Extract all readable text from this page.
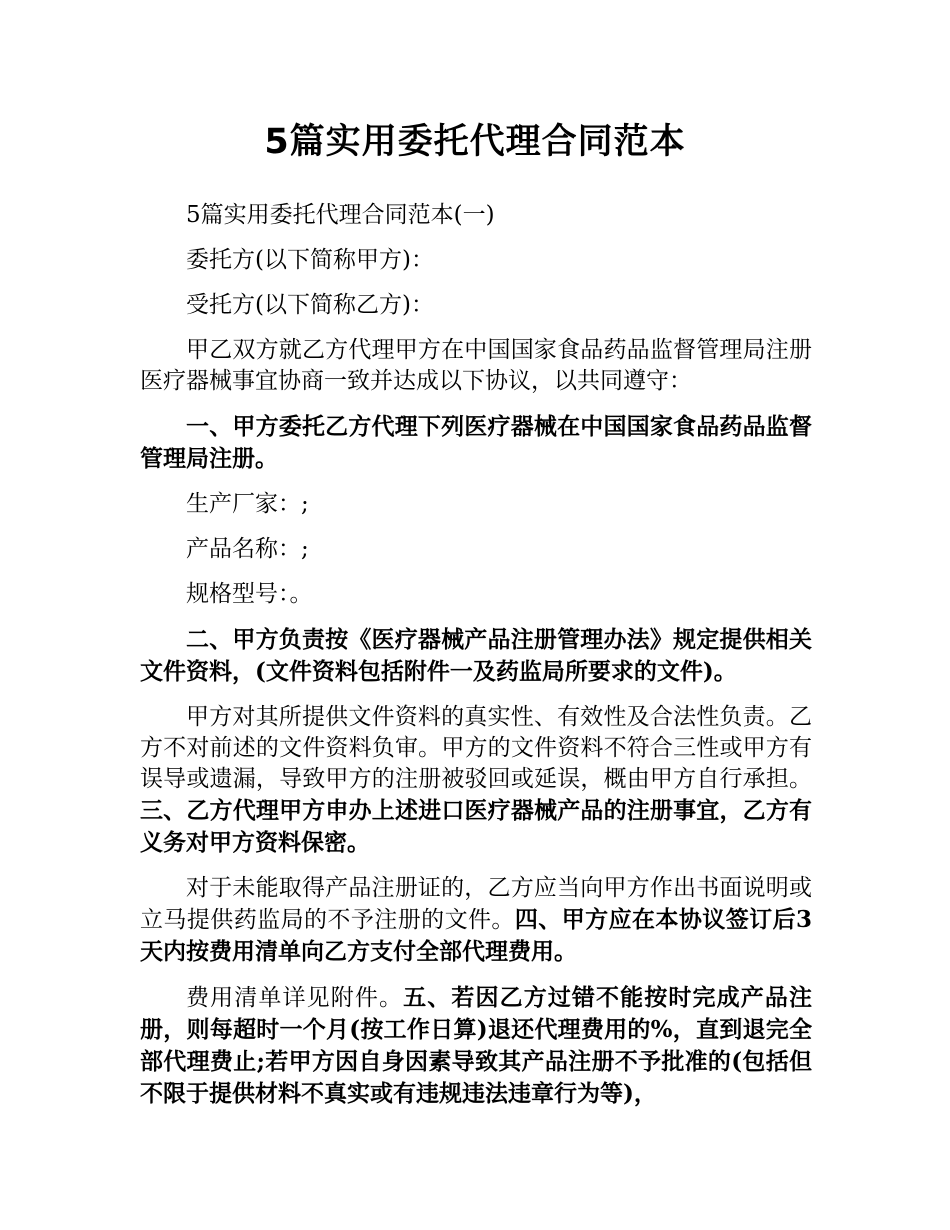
5篇实用委托代理合同范本

5篇实用委托代理合同范本(一)

委托方(以下简称甲方)：

受托方(以下简称乙方)：

甲乙双方就乙方代理甲方在中国国家食品药品监督管理局注册医疗器械事宜协商一致并达成以下协议，以共同遵守：

一、甲方委托乙方代理下列医疗器械在中国国家食品药品监督管理局注册。

生产厂家：;

产品名称：;

规格型号：。

二、甲方负责按《医疗器械产品注册管理办法》规定提供相关文件资料，(文件资料包括附件一及药监局所要求的文件)。

甲方对其所提供文件资料的真实性、有效性及合法性负责。乙方不对前述的文件资料负审。甲方的文件资料不符合三性或甲方有误导或遗漏，导致甲方的注册被驳回或延误，概由甲方自行承担。三、乙方代理甲方申办上述进口医疗器械产品的注册事宜，乙方有义务对甲方资料保密。

对于未能取得产品注册证的，乙方应当向甲方作出书面说明或立马提供药监局的不予注册的文件。四、甲方应在本协议签订后3天内按费用清单向乙方支付全部代理费用。

费用清单详见附件。五、若因乙方过错不能按时完成产品注册，则每超时一个月(按工作日算)退还代理费用的%，直到退完全部代理费止;若甲方因自身因素导致其产品注册不予批准的(包括但不限于提供材料不真实或有违规违法违章行为等)，
